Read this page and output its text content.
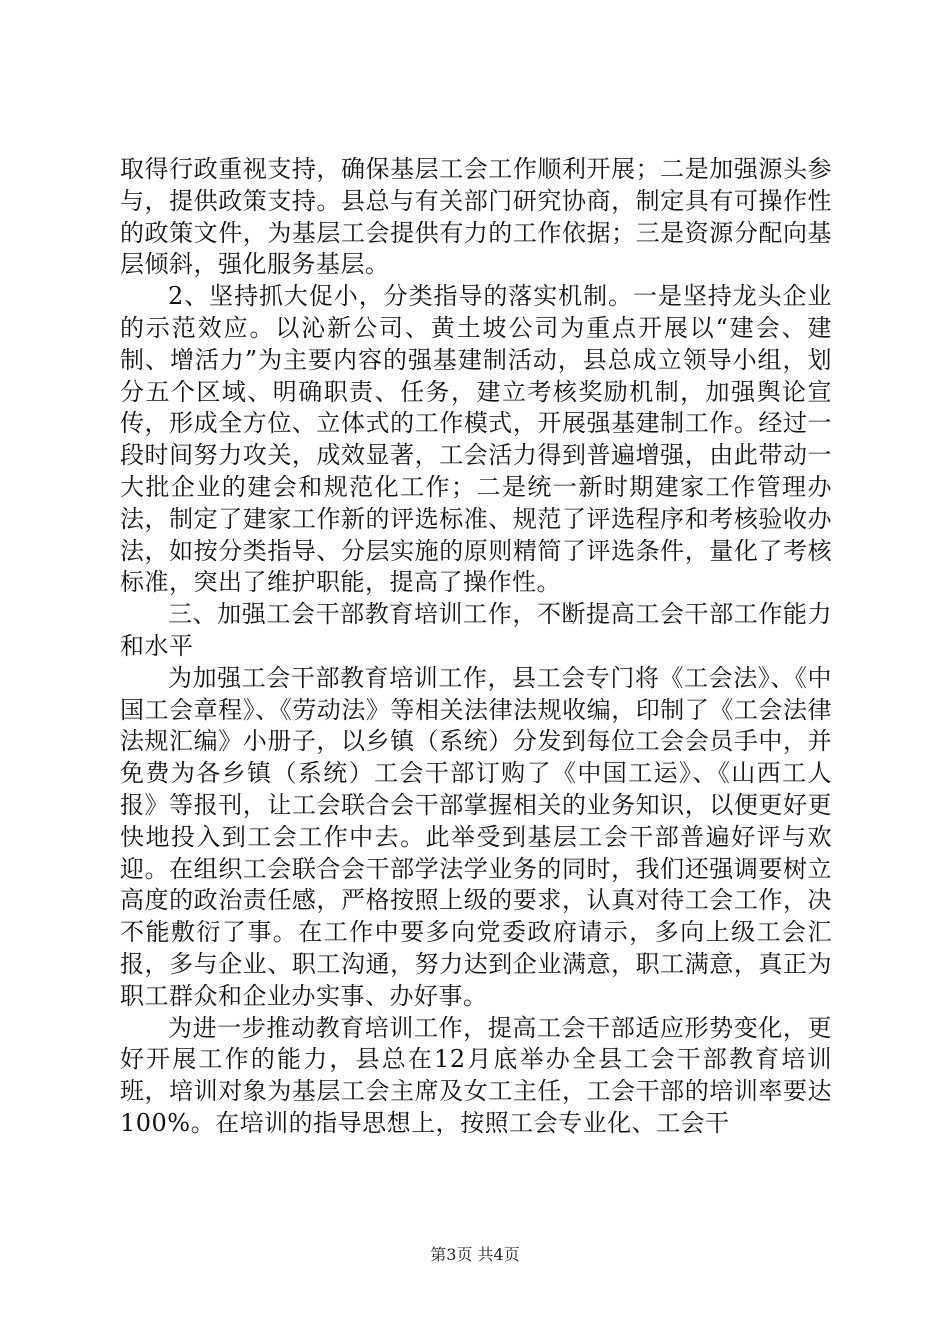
取得行政重视支持，确保基层工会工作顺利开展；二是加强源头参与，提供政策支持。县总与有关部门研究协商，制定具有可操作性的政策文件，为基层工会提供有力的工作依据；三是资源分配向基层倾斜，强化服务基层。

2、坚持抓大促小，分类指导的落实机制。一是坚持龙头企业的示范效应。以沁新公司、黄土坡公司为重点开展以“建会、建制、增活力”为主要内容的强基建制活动，县总成立领导小组，划分五个区域、明确职责、任务，建立考核奖励机制，加强舆论宣传，形成全方位、立体式的工作模式，开展强基建制工作。经过一段时间努力攻关，成效显著，工会活力得到普遍增强，由此带动一大批企业的建会和规范化工作；二是统一新时期建家工作管理办法，制定了建家工作新的评选标准、规范了评选程序和考核验收办法，如按分类指导、分层实施的原则精简了评选条件，量化了考核标准，突出了维护职能，提高了操作性。

三、加强工会干部教育培训工作，不断提高工会干部工作能力和水平

为加强工会干部教育培训工作，县工会专门将《工会法》、《中国工会章程》、《劳动法》等相关法律法规收编，印制了《工会法律法规汇编》小册子，以乡镇（系统）分发到每位工会会员手中，并免费为各乡镇（系统）工会干部订购了《中国工运》、《山西工人报》等报刊，让工会联合会干部掌握相关的业务知识，以便更好更快地投入到工会工作中去。此举受到基层工会干部普遍好评与欢迎。在组织工会联合会干部学法学业务的同时，我们还强调要树立高度的政治责任感，严格按照上级的要求，认真对待工会工作，决不能敷衍了事。在工作中要多向党委政府请示，多向上级工会汇报，多与企业、职工沟通，努力达到企业满意，职工满意，真正为职工群众和企业办实事、办好事。

为进一步推动教育培训工作，提高工会干部适应形势变化，更好开展工作的能力，县总在12月底举办全县工会干部教育培训班，培训对象为基层工会主席及女工主任，工会干部的培训率要达100%。在培训的指导思想上，按照工会专业化、工会干

第3页 共4页
